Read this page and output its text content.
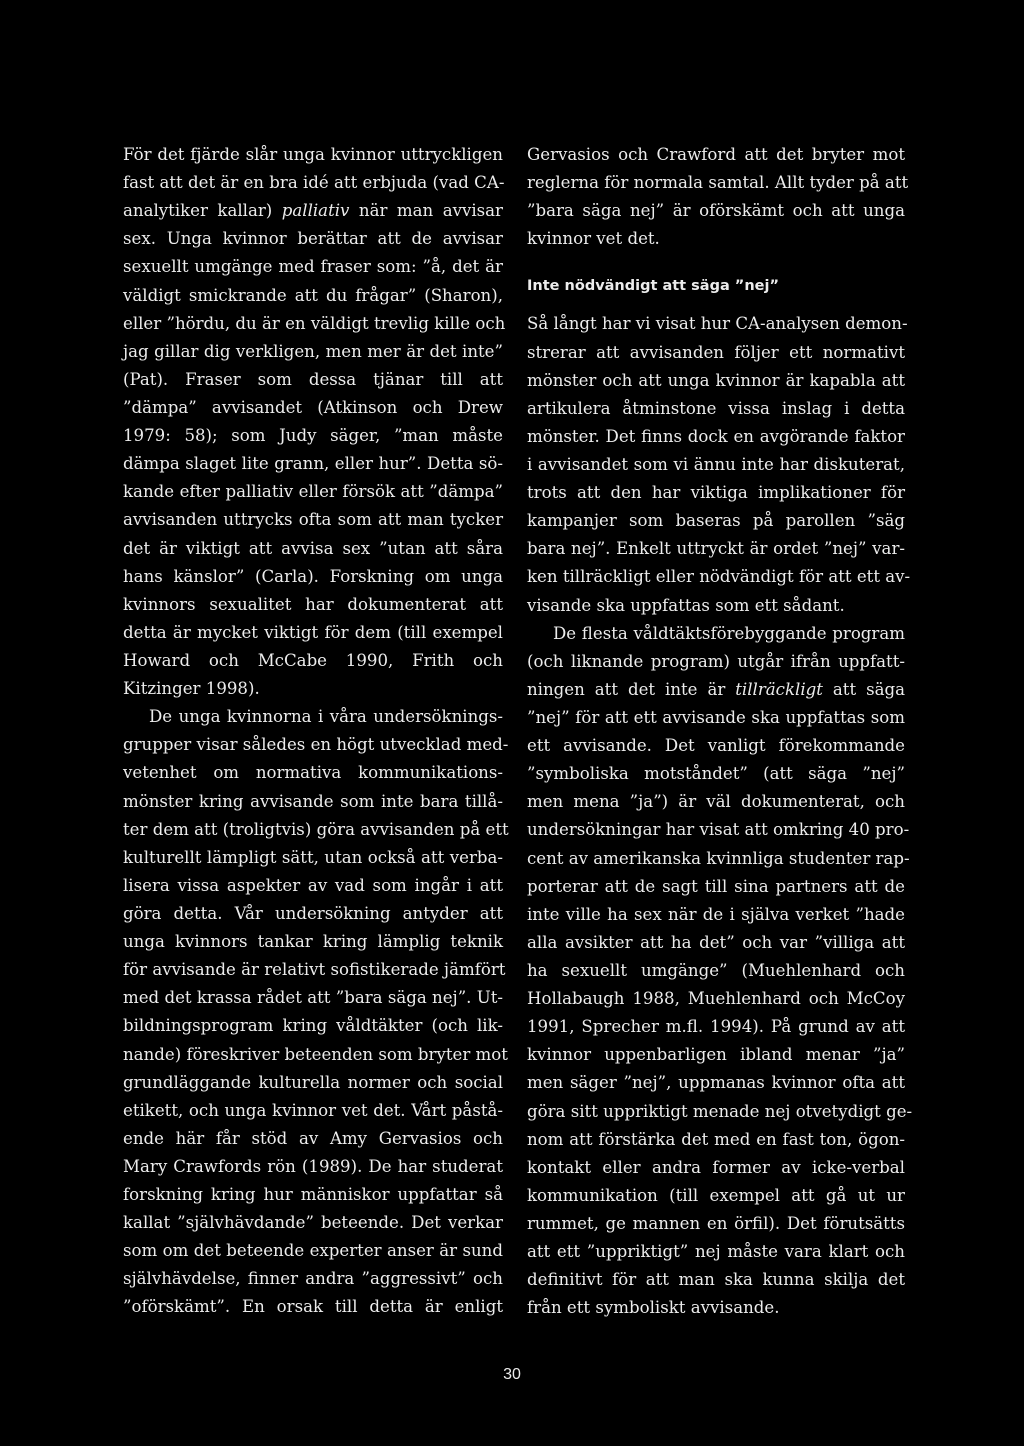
För det fjärde slår unga kvinnor uttryckligen
fast att det är en bra idé att erbjuda (vad CA-
analytiker kallar) palliativ när man avvisar
sex. Unga kvinnor berättar att de avvisar
sexuellt umgänge med fraser som: ”å, det är
väldigt smickrande att du frågar” (Sharon),
eller ”hördu, du är en väldigt trevlig kille och
jag gillar dig verkligen, men mer är det inte”
(Pat). Fraser som dessa tjänar till att
”dämpa” avvisandet (Atkinson och Drew
1979: 58); som Judy säger, ”man måste
dämpa slaget lite grann, eller hur”. Detta sö-
kande efter palliativ eller försök att ”dämpa”
avvisanden uttrycks ofta som att man tycker
det är viktigt att avvisa sex ”utan att såra
hans känslor” (Carla). Forskning om unga
kvinnors sexualitet har dokumenterat att
detta är mycket viktigt för dem (till exempel
Howard och McCabe 1990, Frith och
Kitzinger 1998).
De unga kvinnorna i våra undersöknings-
grupper visar således en högt utvecklad med-
vetenhet om normativa kommunikations-
mönster kring avvisande som inte bara tillå-
ter dem att (troligtvis) göra avvisanden på ett
kulturellt lämpligt sätt, utan också att verba-
lisera vissa aspekter av vad som ingår i att
göra detta. Vår undersökning antyder att
unga kvinnors tankar kring lämplig teknik
för avvisande är relativt sofistikerade jämfört
med det krassa rådet att ”bara säga nej”. Ut-
bildningsprogram kring våldtäkter (och lik-
nande) föreskriver beteenden som bryter mot
grundläggande kulturella normer och social
etikett, och unga kvinnor vet det. Vårt påstå-
ende här får stöd av Amy Gervasios och
Mary Crawfords rön (1989). De har studerat
forskning kring hur människor uppfattar så
kallat ”självhävdande” beteende. Det verkar
som om det beteende experter anser är sund
självhävdelse, finner andra ”aggressivt” och
”oförskämt”. En orsak till detta är enligt
Gervasios och Crawford att det bryter mot
reglerna för normala samtal. Allt tyder på att
”bara säga nej” är oförskämt och att unga
kvinnor vet det.
Inte nödvändigt att säga ”nej”
Så långt har vi visat hur CA-analysen demon-
strerar att avvisanden följer ett normativt
mönster och att unga kvinnor är kapabla att
artikulera åtminstone vissa inslag i detta
mönster. Det finns dock en avgörande faktor
i avvisandet som vi ännu inte har diskuterat,
trots att den har viktiga implikationer för
kampanjer som baseras på parollen ”säg
bara nej”. Enkelt uttryckt är ordet ”nej” var-
ken tillräckligt eller nödvändigt för att ett av-
visande ska uppfattas som ett sådant.
De flesta våldtäktsförebyggande program
(och liknande program) utgår ifrån uppfatt-
ningen att det inte är tillräckligt att säga
”nej” för att ett avvisande ska uppfattas som
ett avvisande. Det vanligt förekommande
”symboliska motståndet” (att säga ”nej”
men mena ”ja”) är väl dokumenterat, och
undersökningar har visat att omkring 40 pro-
cent av amerikanska kvinnliga studenter rap-
porterar att de sagt till sina partners att de
inte ville ha sex när de i själva verket ”hade
alla avsikter att ha det” och var ”villiga att
ha sexuellt umgänge” (Muehlenhard och
Hollabaugh 1988, Muehlenhard och McCoy
1991, Sprecher m.fl. 1994). På grund av att
kvinnor uppenbarligen ibland menar ”ja”
men säger ”nej”, uppmanas kvinnor ofta att
göra sitt uppriktigt menade nej otvetydigt ge-
nom att förstärka det med en fast ton, ögon-
kontakt eller andra former av icke-verbal
kommunikation (till exempel att gå ut ur
rummet, ge mannen en örfil). Det förutsätts
att ett ”uppriktigt” nej måste vara klart och
definitivt för att man ska kunna skilja det
från ett symboliskt avvisande.
30
